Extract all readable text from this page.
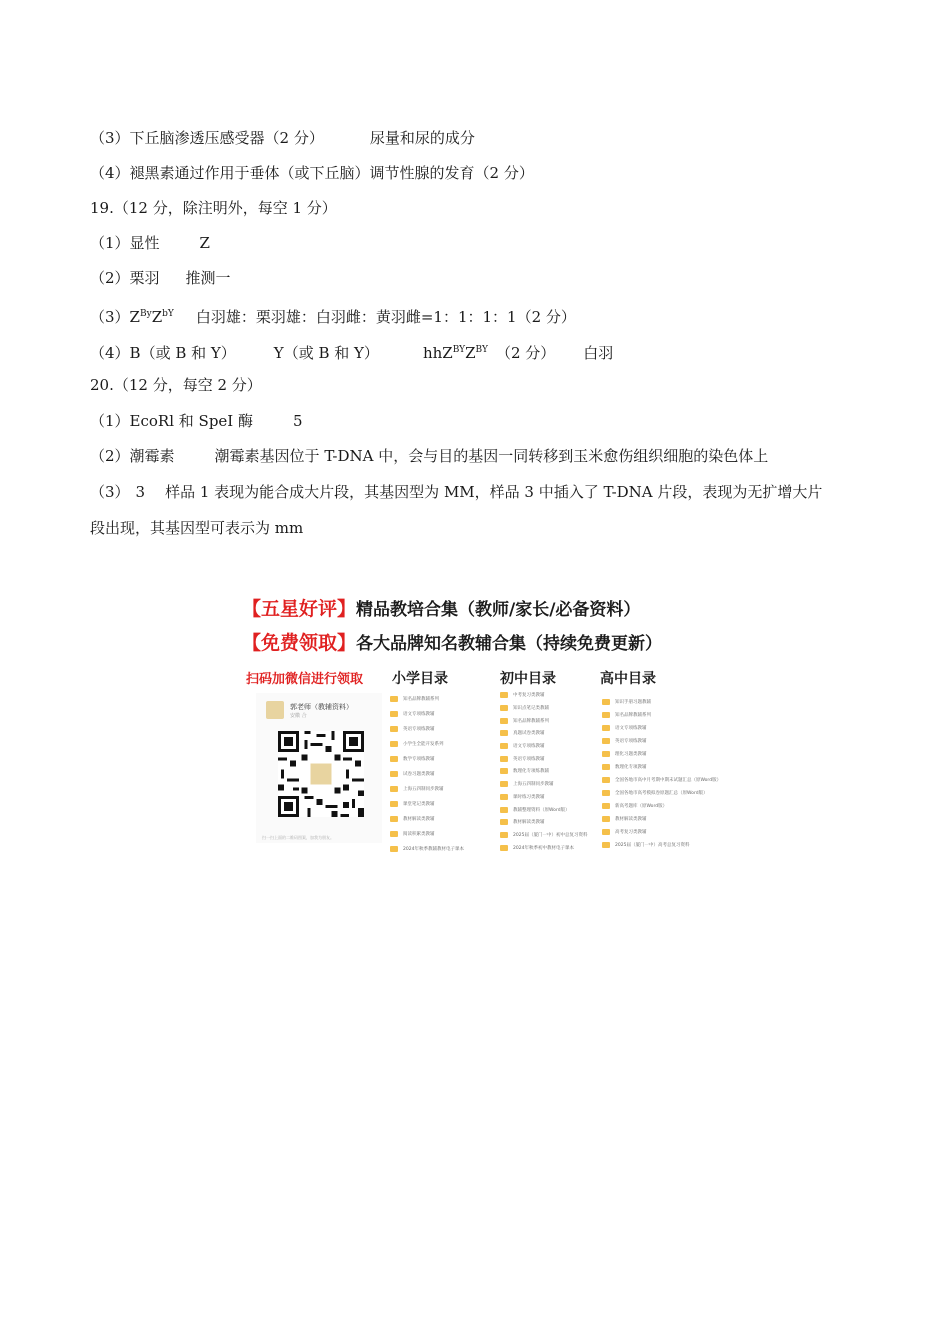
（3）下丘脑渗透压感受器（2 分）	尿量和尿的成分
（4）褪黑素通过作用于垂体（或下丘脑）调节性腺的发育（2 分）
19.（12 分，除注明外，每空 1 分）
（1）显性	Z
（2）栗羽 推测一
$(3)Z^{By}Z^{bY}$ 白羽雄：栗羽雄：白羽雌：黄羽雌=1：1：1：1（2 分）
（4）B（或 B 和 Y）	Y（或 B 和 Y）	$hhZ^{BY}Z^{BY}$ （2 分） 白羽
20.（12 分，每空 2 分）
（1）EcoRl 和 SpeI 酶	5
（2）潮霉素	潮霉素基因位于 T-DNA 中，会与目的基因一同转移到玉米愈伤组织细胞的染色体上
（3） 3 样品 1 表现为能合成大片段，其基因型为 MM，样品 3 中插入了 T-DNA 片段，表现为无扩增大片
段出现，其基因型可表示为 mm
【五星好评】精品教培合集（教师/家长/必备资料）
【免费领取】各大品牌知名教辅合集（持续免费更新）
扫码加微信进行领取 小学目录	初中目录	高中目录
郭老师（教辅资料）
安徽 合
扫一扫上面的二维码图案，加我为朋友。
知名品牌教辅系列
语文专项练教辅
英语专项练教辅
小学生全能开发系列
数学专项练教辅
试卷习题类教辅
上海五四制同步教辅
课堂笔记类教辅
教材解读类教辅
阅读积累类教辅
2024年秋季教辅教材电子课本
中考复习类教辅
知识点笔记类教辅
知名品牌教辅系列
真题试卷类教辅
语文专项练教辅
英语专项练教辅
数理化专项练教辅
上海五四制同步教辅
课时练习类教辅
教辅整理资料（原Word版）
教材解读类教辅
2025届（厦门一中）初中总复习资料
2024年秋季初中教材电子课本
知识手册习题教辅
知名品牌教辅系列
语文专项练教辅
英语专项练教辅
理化习题类教辅
数理化专项教辅
全国各地市高中月考期中期末试题汇总（原Word版）
全国各地市高考模拟卷原题汇总（原Word版）
新高考题库（原Word版）
教材解读类教辅
高考复习类教辅
2025届（厦门一中）高考总复习资料
